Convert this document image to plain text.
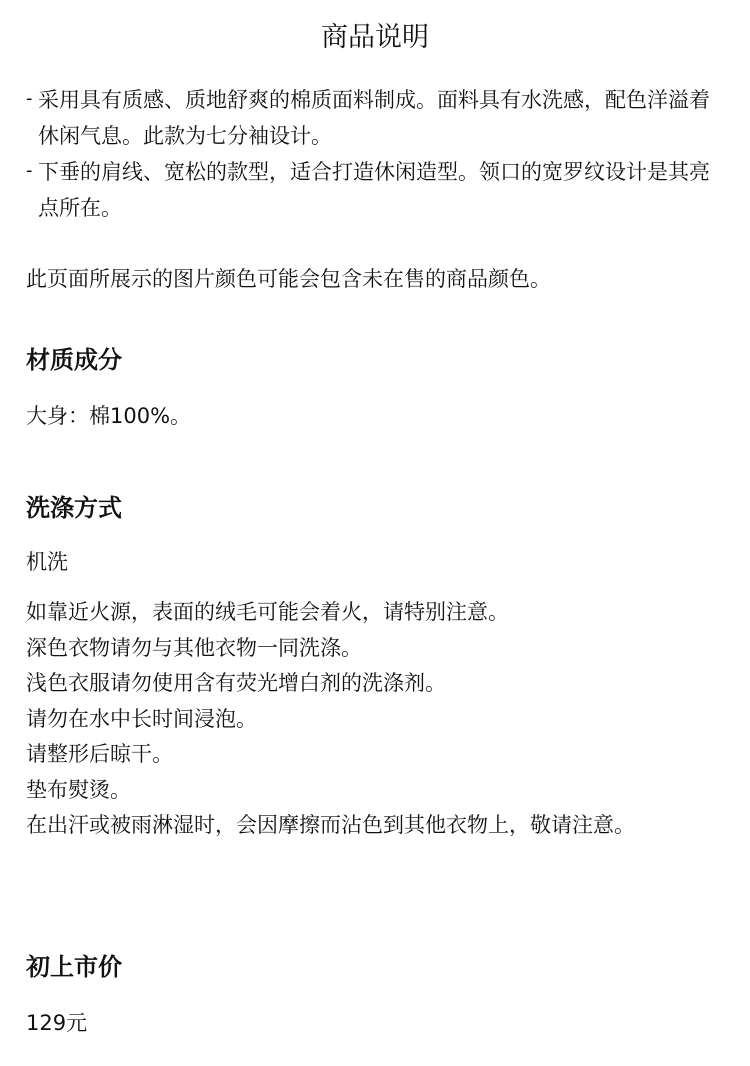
商品说明
- 采用具有质感、质地舒爽的棉质面料制成。面料具有水洗感，配色洋溢着休闲气息。此款为七分袖设计。
- 下垂的肩线、宽松的款型，适合打造休闲造型。领口的宽罗纹设计是其亮点所在。

此页面所展示的图片颜色可能会包含未在售的商品颜色。

材质成分

大身：棉100%。

洗涤方式

机洗

如靠近火源，表面的绒毛可能会着火，请特别注意。
深色衣物请勿与其他衣物一同洗涤。
浅色衣服请勿使用含有荧光增白剂的洗涤剂。
请勿在水中长时间浸泡。
请整形后晾干。
垫布熨烫。
在出汗或被雨淋湿时，会因摩擦而沾色到其他衣物上，敬请注意。
初上市价

129元
